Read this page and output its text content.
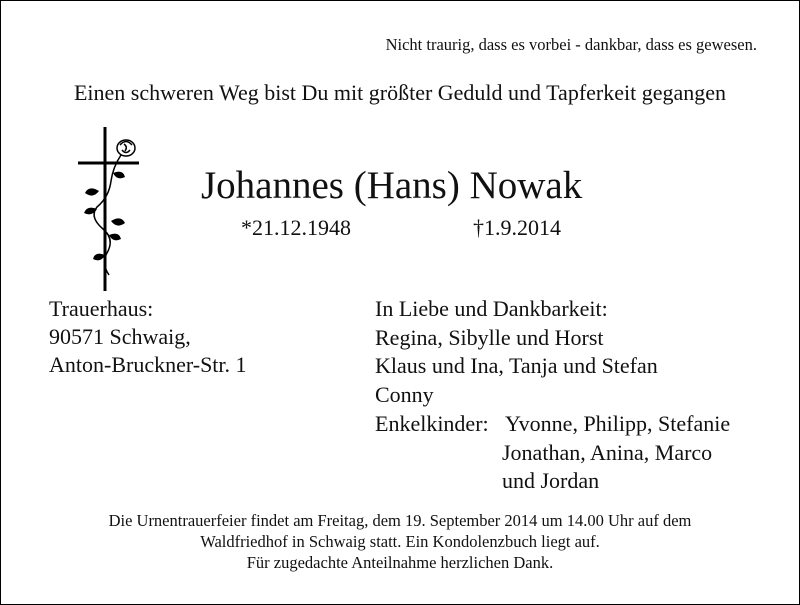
Nicht traurig, dass es vorbei - dankbar, dass es gewesen.
Einen schweren Weg bist Du mit größter Geduld und Tapferkeit gegangen
Johannes (Hans) Nowak
*21.12.1948	†1.9.2014
Trauerhaus:
90571 Schwaig,
Anton-Bruckner-Str. 1
In Liebe und Dankbarkeit:
Regina, Sibylle und Horst
Klaus und Ina, Tanja und Stefan
Conny
Enkelkinder: Yvonne, Philipp, Stefanie
Jonathan, Anina, Marco
und Jordan
Die Urnentrauerfeier findet am Freitag, dem 19. September 2014 um 14.00 Uhr auf dem
Waldfriedhof in Schwaig statt. Ein Kondolenzbuch liegt auf.
Für zugedachte Anteilnahme herzlichen Dank.
